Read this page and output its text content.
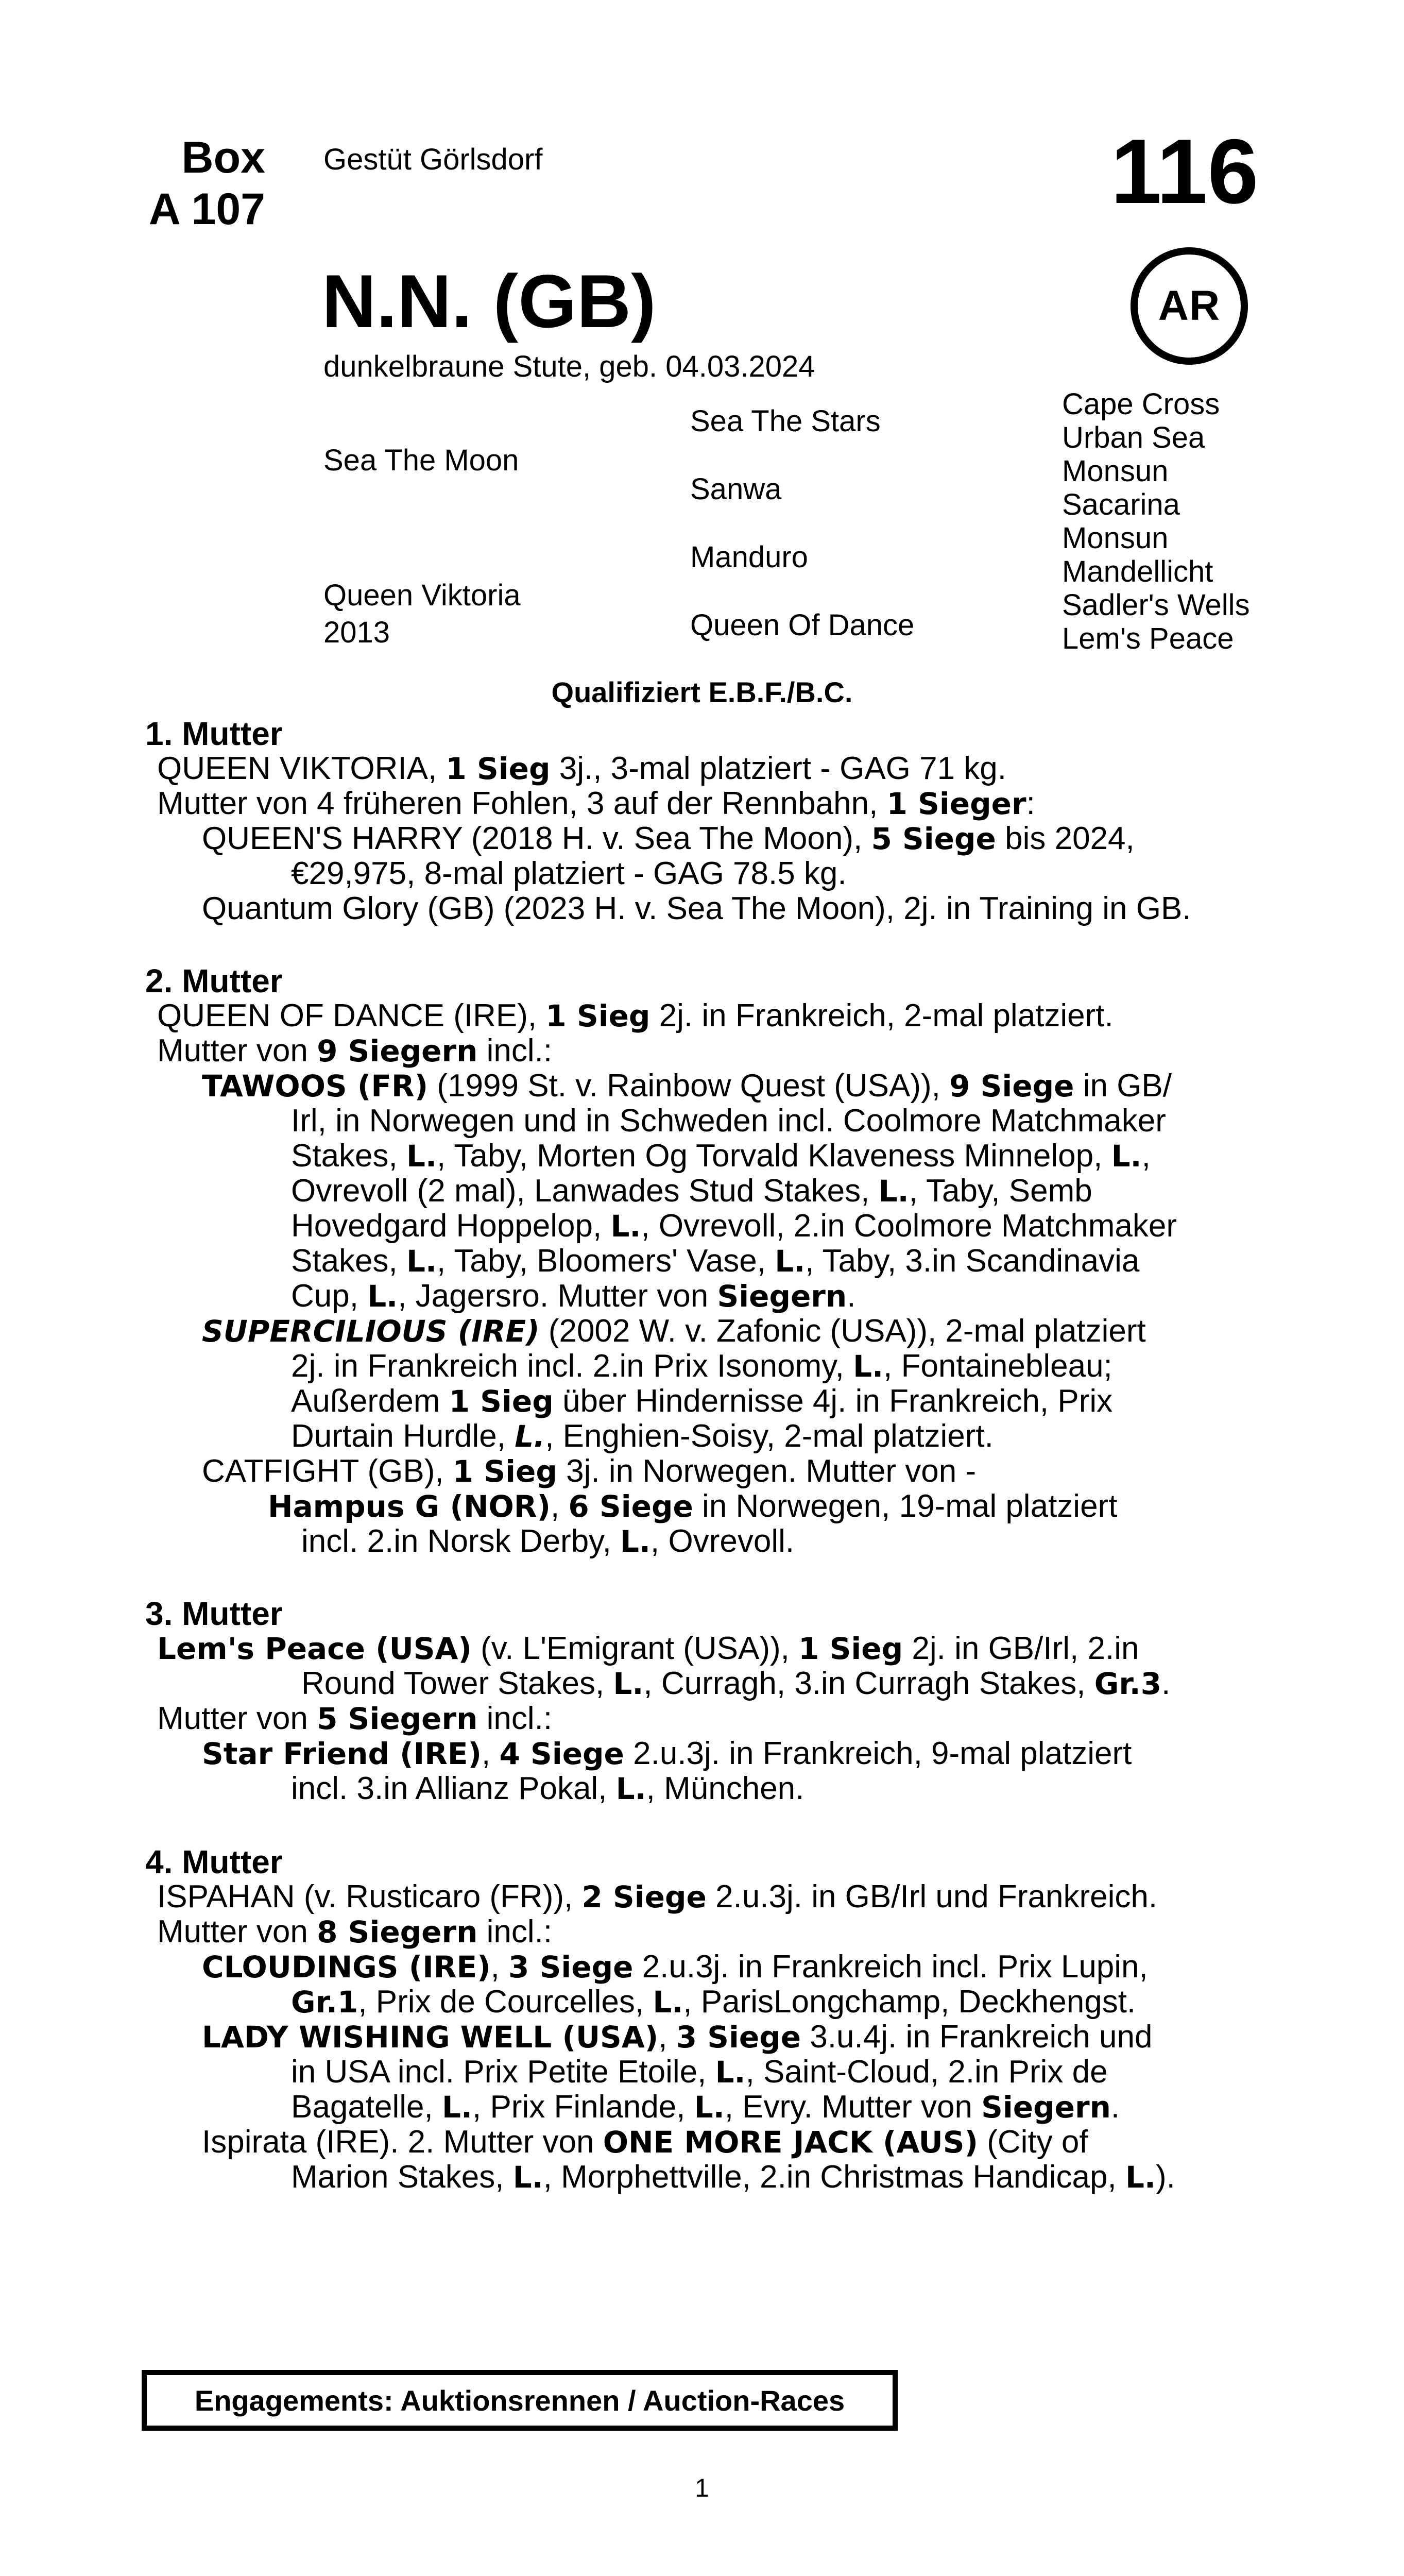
Box
A 107
Gestüt Görlsdorf	116
AR
N.N. (GB)
dunkelbraune Stute, geb. 04.03.2024
Sea The Moon
Queen Viktoria
2013
Sea The Stars
Sanwa
Manduro
Queen Of Dance
Cape Cross
Urban Sea
Monsun
Sacarina
Monsun
Mandellicht
Sadler's Wells
Lem's Peace
Qualifiziert E.B.F./B.C.
1. Mutter
QUEEN VIKTORIA, 1 Sieg 3j., 3-mal platziert - GAG 71 kg.
Mutter von 4 früheren Fohlen, 3 auf der Rennbahn, 1 Sieger:
QUEEN'S HARRY (2018 H. v. Sea The Moon), 5 Siege bis 2024,
€29,975, 8-mal platziert - GAG 78.5 kg.
Quantum Glory (GB) (2023 H. v. Sea The Moon), 2j. in Training in GB.
2. Mutter
QUEEN OF DANCE (IRE), 1 Sieg 2j. in Frankreich, 2-mal platziert.
Mutter von 9 Siegern incl.:
TAWOOS (FR) (1999 St. v. Rainbow Quest (USA)), 9 Siege in GB/
Irl, in Norwegen und in Schweden incl. Coolmore Matchmaker
Stakes, L., Taby, Morten Og Torvald Klaveness Minnelop, L.,
Ovrevoll (2 mal), Lanwades Stud Stakes, L., Taby, Semb
Hovedgard Hoppelop, L., Ovrevoll, 2.in Coolmore Matchmaker
Stakes, L., Taby, Bloomers' Vase, L., Taby, 3.in Scandinavia
Cup, L., Jagersro. Mutter von Siegern.
SUPERCILIOUS (IRE) (2002 W. v. Zafonic (USA)), 2-mal platziert
2j. in Frankreich incl. 2.in Prix Isonomy, L., Fontainebleau;
Außerdem 1 Sieg über Hindernisse 4j. in Frankreich, Prix
Durtain Hurdle, L., Enghien-Soisy, 2-mal platziert.
CATFIGHT (GB), 1 Sieg 3j. in Norwegen. Mutter von -
Hampus G (NOR), 6 Siege in Norwegen, 19-mal platziert
incl. 2.in Norsk Derby, L., Ovrevoll.
3. Mutter
Lem's Peace (USA) (v. L'Emigrant (USA)), 1 Sieg 2j. in GB/Irl, 2.in
Round Tower Stakes, L., Curragh, 3.in Curragh Stakes, Gr.3.
Mutter von 5 Siegern incl.:
Star Friend (IRE), 4 Siege 2.u.3j. in Frankreich, 9-mal platziert
incl. 3.in Allianz Pokal, L., München.
4. Mutter
ISPAHAN (v. Rusticaro (FR)), 2 Siege 2.u.3j. in GB/Irl und Frankreich.
Mutter von 8 Siegern incl.:
CLOUDINGS (IRE), 3 Siege 2.u.3j. in Frankreich incl. Prix Lupin,
Gr.1, Prix de Courcelles, L., ParisLongchamp, Deckhengst.
LADY WISHING WELL (USA), 3 Siege 3.u.4j. in Frankreich und
in USA incl. Prix Petite Etoile, L., Saint-Cloud, 2.in Prix de
Bagatelle, L., Prix Finlande, L., Evry. Mutter von Siegern.
Ispirata (IRE). 2. Mutter von ONE MORE JACK (AUS) (City of
Marion Stakes, L., Morphettville, 2.in Christmas Handicap, L.).
Engagements: Auktionsrennen / Auction-Races
1
